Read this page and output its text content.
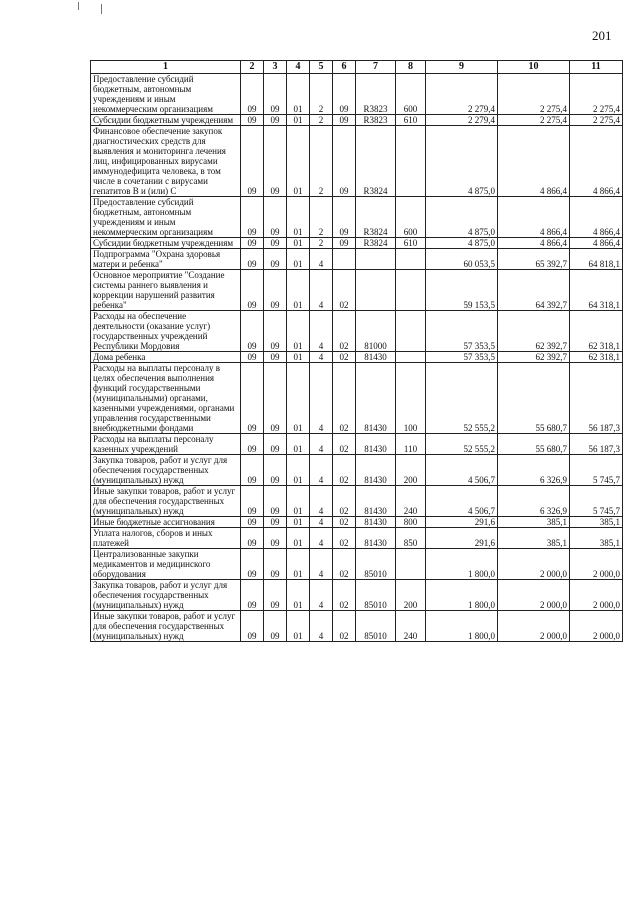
201
1	2	3	4	5	6	7	8	9	10	11
Предоставление субсидий бюджетным, автономным учреждениям и иным некоммерческим организациям	09	09	01	2	09	R3823	600	2 279,4	2 275,4	2 275,4
Субсидии бюджетным учреждениям	09	09	01	2	09	R3823	610	2 279,4	2 275,4	2 275,4
Финансовое обеспечение закупок диагностических средств для выявления и мониторинга лечения лиц, инфицированных вирусами иммунодефицита человека, в том числе в сочетании с вирусами гепатитов В и (или) С	09	09	01	2	09	R3824		4 875,0	4 866,4	4 866,4
Предоставление субсидий бюджетным, автономным учреждениям и иным некоммерческим организациям	09	09	01	2	09	R3824	600	4 875,0	4 866,4	4 866,4
Субсидии бюджетным учреждениям	09	09	01	2	09	R3824	610	4 875,0	4 866,4	4 866,4
Подпрограмма "Охрана здоровья матери и ребенка"	09	09	01	4				60 053,5	65 392,7	64 818,1
Основное мероприятие "Создание системы раннего выявления и коррекции нарушений развития ребенка"	09	09	01	4	02			59 153,5	64 392,7	64 318,1
Расходы на обеспечение деятельности (оказание услуг) государственных учреждений Республики Мордовия	09	09	01	4	02	81000		57 353,5	62 392,7	62 318,1
Дома ребенка	09	09	01	4	02	81430		57 353,5	62 392,7	62 318,1
Расходы на выплаты персоналу в целях обеспечения выполнения функций государственными (муниципальными) органами, казенными учреждениями, органами управления государственными внебюджетными фондами	09	09	01	4	02	81430	100	52 555,2	55 680,7	56 187,3
Расходы на выплаты персоналу казенных учреждений	09	09	01	4	02	81430	110	52 555,2	55 680,7	56 187,3
Закупка товаров, работ и услуг для обеспечения государственных (муниципальных) нужд	09	09	01	4	02	81430	200	4 506,7	6 326,9	5 745,7
Иные закупки товаров, работ и услуг для обеспечения государственных (муниципальных) нужд	09	09	01	4	02	81430	240	4 506,7	6 326,9	5 745,7
Иные бюджетные ассигнования	09	09	01	4	02	81430	800	291,6	385,1	385,1
Уплата налогов, сборов и иных платежей	09	09	01	4	02	81430	850	291,6	385,1	385,1
Централизованные закупки медикаментов и медицинского оборудования	09	09	01	4	02	85010		1 800,0	2 000,0	2 000,0
Закупка товаров, работ и услуг для обеспечения государственных (муниципальных) нужд	09	09	01	4	02	85010	200	1 800,0	2 000,0	2 000,0
Иные закупки товаров, работ и услуг для обеспечения государственных (муниципальных) нужд	09	09	01	4	02	85010	240	1 800,0	2 000,0	2 000,0
